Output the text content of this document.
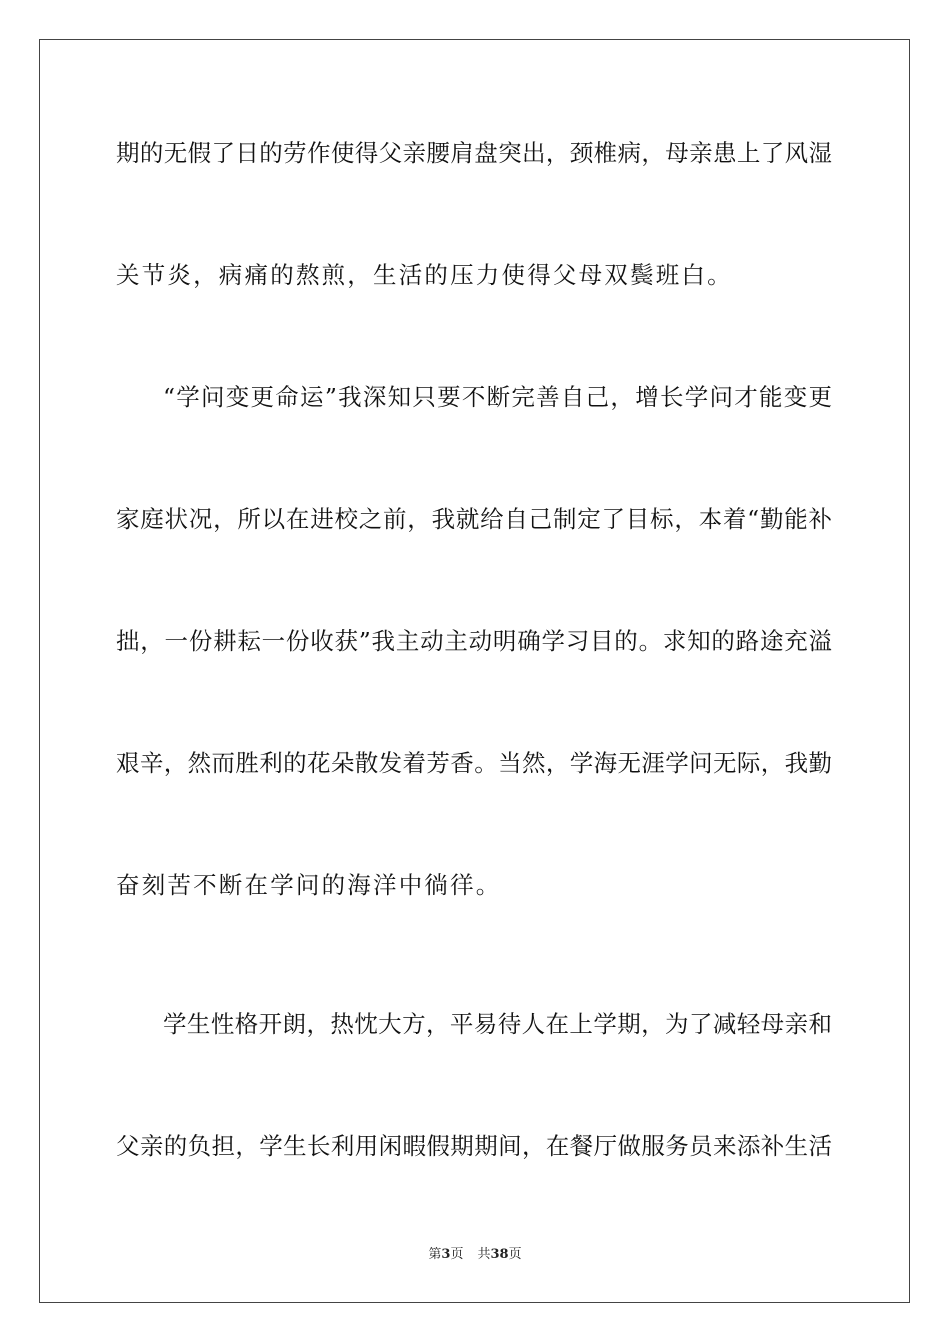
期的无假了日的劳作使得父亲腰肩盘突出，颈椎病，母亲患上了风湿
关节炎，病痛的熬煎，生活的压力使得父母双鬓班白。
“学问变更命运”我深知只要不断完善自己，增长学问才能变更
家庭状况，所以在进校之前，我就给自己制定了目标，本着“勤能补
拙，一份耕耘一份收获”我主动主动明确学习目的。求知的路途充溢
艰辛，然而胜利的花朵散发着芳香。当然，学海无涯学问无际，我勤
奋刻苦不断在学问的海洋中徜徉。
学生性格开朗，热忱大方，平易待人在上学期，为了减轻母亲和
父亲的负担，学生长利用闲暇假期期间，在餐厅做服务员来添补生活
第3页 共38页
